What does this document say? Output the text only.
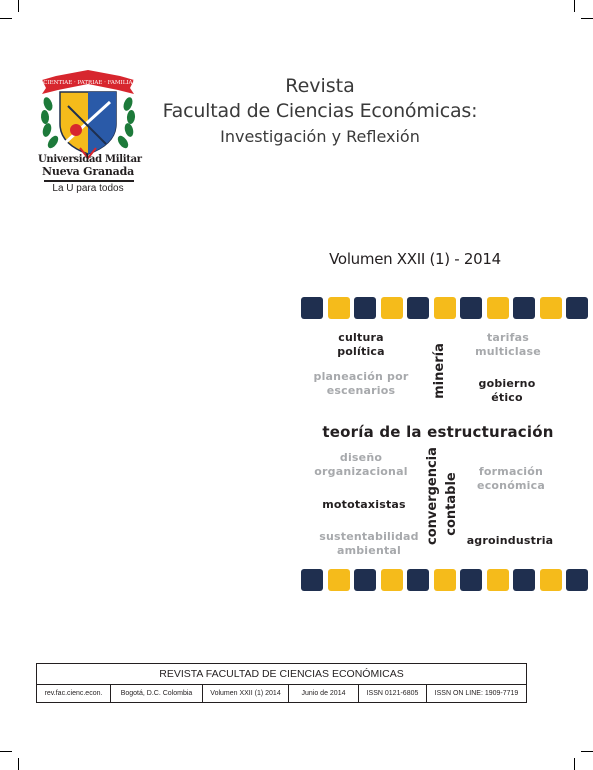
SCIENTIAE · PATRIAE · FAMILIAE
Universidad Militar
Nueva Granada
La U para todos
Revista
Facultad de Ciencias Económicas:
Investigación y Reflexión
Volumen XXII (1) - 2014
cultura
política
tarifas
multiclase
planeación por
escenarios	minería	gobierno
ético
teoría de la estructuración
diseño
organizacional	convergencia contable
formación
económica
mototaxistas
sustentabilidad
ambiental
agroindustria
REVISTA FACULTAD DE CIENCIAS ECONÓMICAS
rev.fac.cienc.econ.	Bogotá, D.C. Colombia	Volumen XXII (1) 2014	Junio de 2014	ISSN 0121-6805	ISSN ON LINE: 1909-7719
